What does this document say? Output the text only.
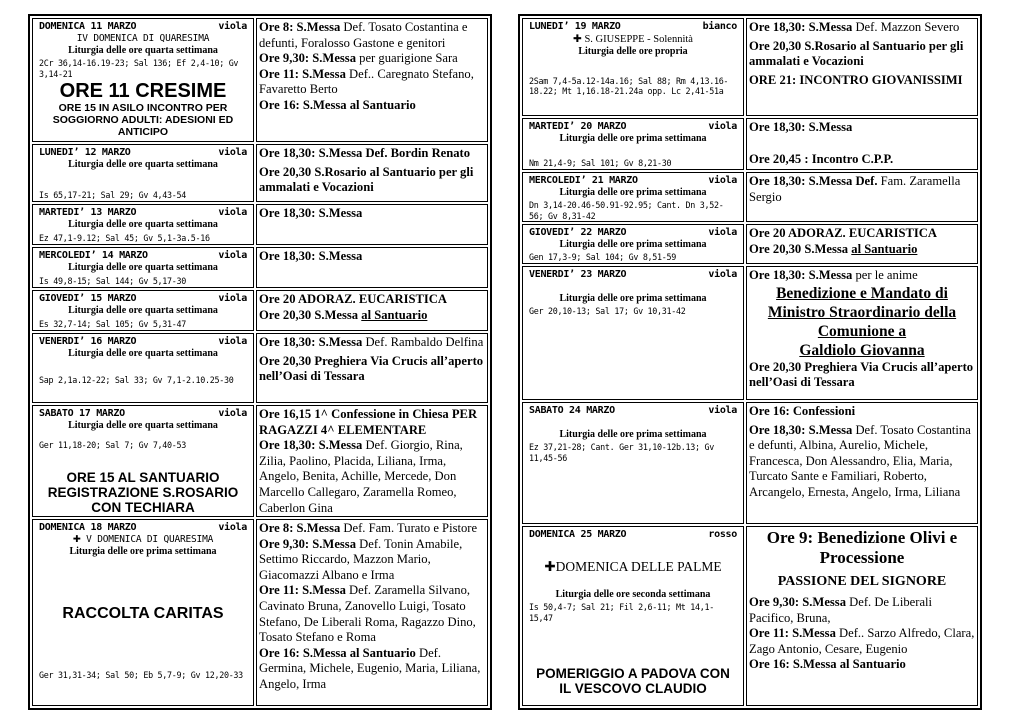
DOMENICA 11 MARZO	viola
IV DOMENICA DI QUARESIMA
Liturgia delle ore quarta settimana
2Cr 36,14-16.19-23; Sal 136; Ef 2,4-10; Gv 3,14-21
ORE 11 CRESIME
ORE 15 IN ASILO INCONTRO PER SOGGIORNO ADULTI: ADESIONI ED ANTICIPO
Ore 8: S.Messa Def. Tosato Costantina e defunti, Foralosso Gastone e genitori
Ore 9,30: S.Messa per guarigione Sara
Ore 11: S.Messa Def.. Caregnato Stefano, Favaretto Berto
Ore 16: S.Messa al Santuario
LUNEDI’ 12 MARZO	viola
Liturgia delle ore quarta settimana
Is 65,17-21; Sal 29; Gv 4,43-54
Ore 18,30: S.Messa Def. Bordin Renato
Ore 20,30 S.Rosario al Santuario per gli ammalati e Vocazioni
MARTEDI’ 13 MARZO	viola
Liturgia delle ore quarta settimana
Ez 47,1-9.12; Sal 45; Gv 5,1-3a.5-16
Ore 18,30: S.Messa
MERCOLEDI’ 14 MARZO	viola
Liturgia delle ore quarta settimana
Is 49,8-15; Sal 144; Gv 5,17-30
Ore 18,30: S.Messa
GIOVEDI’ 15 MARZO	viola
Liturgia delle ore quarta settimana
Es 32,7-14; Sal 105; Gv 5,31-47
Ore 20 ADORAZ. EUCARISTICA
Ore 20,30 S.Messa al Santuario
VENERDI’ 16 MARZO	viola
Liturgia delle ore quarta settimana
Sap 2,1a.12-22; Sal 33; Gv 7,1-2.10.25-30
Ore 18,30: S.Messa Def. Rambaldo Delfina
Ore 20,30 Preghiera Via Crucis all’aperto nell’Oasi di Tessara
SABATO 17 MARZO	viola
Liturgia delle ore quarta settimana
Ger 11,18-20; Sal 7; Gv 7,40-53
ORE 15 AL SANTUARIO REGISTRAZIONE S.ROSARIO CON TECHIARA
Ore 16,15 1^ Confessione in Chiesa PER RAGAZZI 4^ ELEMENTARE
Ore 18,30: S.Messa Def. Giorgio, Rina, Zilia, Paolino, Placida, Liliana, Irma, Angelo, Benita, Achille, Mercede, Don Marcello Callegaro, Zaramella Romeo, Caberlon Gina
DOMENICA 18 MARZO	viola
✚ V DOMENICA DI QUARESIMA
Liturgia delle ore prima settimana
RACCOLTA CARITAS
Ger 31,31-34; Sal 50; Eb 5,7-9; Gv 12,20-33
Ore 8: S.Messa Def. Fam. Turato e Pistore
Ore 9,30: S.Messa Def. Tonin Amabile, Settimo Riccardo, Mazzon Mario, Giacomazzi Albano e Irma
Ore 11: S.Messa Def. Zaramella Silvano, Cavinato Bruna, Zanovello Luigi, Tosato Stefano, De Liberali Roma, Ragazzo Dino, Tosato Stefano e Roma
Ore 16: S.Messa al Santuario Def. Germina, Michele, Eugenio, Maria, Liliana, Angelo, Irma
LUNEDI’ 19 MARZO	bianco
✚ S. GIUSEPPE - Solennità
Liturgia delle ore propria
2Sam 7,4-5a.12-14a.16; Sal 88; Rm 4,13.16-18.22; Mt 1,16.18-21.24a opp. Lc 2,41-51a
Ore 18,30: S.Messa Def. Mazzon Severo
Ore 20,30 S.Rosario al Santuario per gli ammalati e Vocazioni
ORE 21: INCONTRO GIOVANISSIMI
MARTEDI’ 20 MARZO	viola
Liturgia delle ore prima settimana
Nm 21,4-9; Sal 101; Gv 8,21-30
Ore 18,30: S.Messa
Ore 20,45 : Incontro C.P.P.
MERCOLEDI’ 21 MARZO	viola
Liturgia delle ore prima settimana
Dn 3,14-20.46-50.91-92.95; Cant. Dn 3,52-56; Gv 8,31-42
Ore 18,30: S.Messa Def. Fam. Zaramella Sergio
GIOVEDI’ 22 MARZO	viola
Liturgia delle ore prima settimana
Gen 17,3-9; Sal 104; Gv 8,51-59
Ore 20 ADORAZ. EUCARISTICA
Ore 20,30 S.Messa al Santuario
VENERDI’ 23 MARZO	viola
Liturgia delle ore prima settimana
Ger 20,10-13; Sal 17; Gv 10,31-42
Ore 18,30: S.Messa per le anime
Benedizione e Mandato di
Ministro Straordinario della
Comunione a
Galdiolo Giovanna
Ore 20,30 Preghiera Via Crucis all’aperto nell’Oasi di Tessara
SABATO 24 MARZO	viola
Liturgia delle ore prima settimana
Ez 37,21-28; Cant. Ger 31,10-12b.13; Gv 11,45-56
Ore 16: Confessioni
Ore 18,30: S.Messa Def. Tosato Costantina e defunti, Albina, Aurelio, Michele, Francesca, Don Alessandro, Elia, Maria, Turcato Sante e Familiari, Roberto, Arcangelo, Ernesta, Angelo, Irma, Liliana
DOMENICA 25 MARZO	rosso
✚DOMENICA DELLE PALME
Liturgia delle ore seconda settimana
Is 50,4-7; Sal 21; Fil 2,6-11; Mt 14,1-15,47
POMERIGGIO A PADOVA CON IL VESCOVO CLAUDIO
Ore 9: Benedizione Olivi e Processione
PASSIONE DEL SIGNORE
Ore 9,30: S.Messa Def. De Liberali Pacifico, Bruna,
Ore 11: S.Messa Def.. Sarzo Alfredo, Clara, Zago Antonio, Cesare, Eugenio
Ore 16: S.Messa al Santuario
